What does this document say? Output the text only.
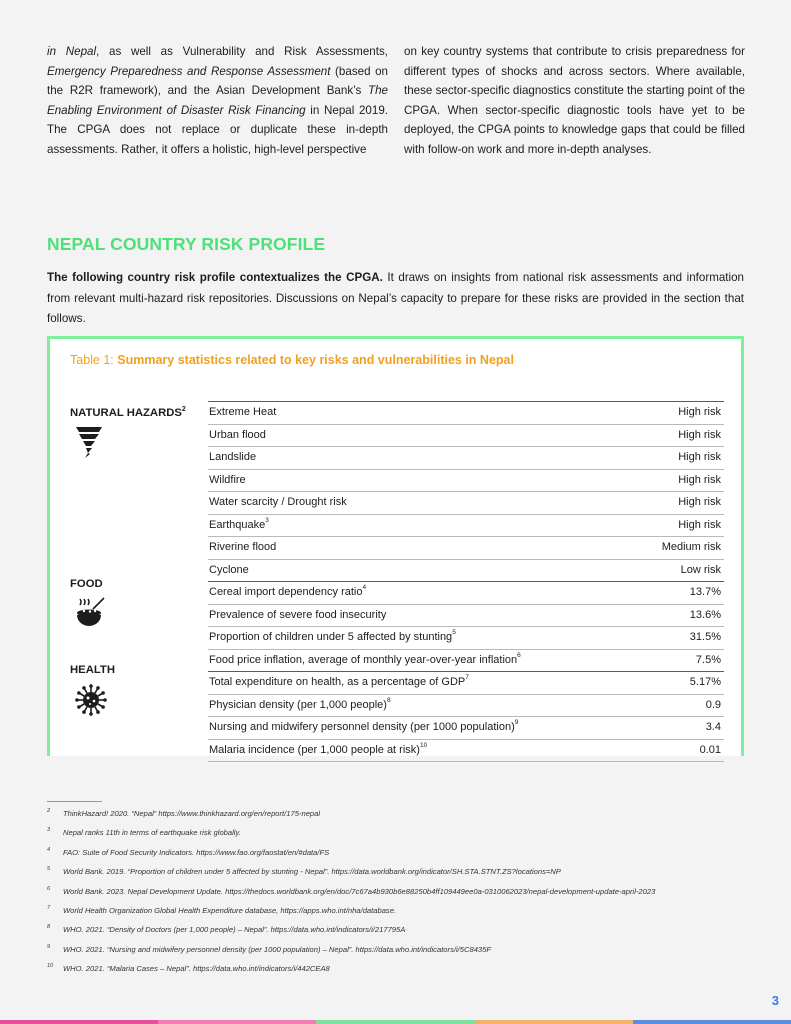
in Nepal, as well as Vulnerability and Risk Assessments, Emergency Preparedness and Response Assessment (based on the R2R framework), and the Asian Development Bank’s The Enabling Environment of Disaster Risk Financing in Nepal 2019. The CPGA does not replace or duplicate these in-depth assessments. Rather, it offers a holistic, high-level perspective
on key country systems that contribute to crisis preparedness for different types of shocks and across sectors. Where available, these sector-specific diagnostics constitute the starting point of the CPGA. When sector-specific diagnostic tools have yet to be deployed, the CPGA points to knowledge gaps that could be filled with follow-on work and more in-depth analyses.
NEPAL COUNTRY RISK PROFILE
The following country risk profile contextualizes the CPGA. It draws on insights from national risk assessments and information from relevant multi-hazard risk repositories. Discussions on Nepal’s capacity to prepare for these risks are provided in the section that follows.
Table 1: Summary statistics related to key risks and vulnerabilities in Nepal
Extreme Heat	High risk
Urban flood	High risk
Landslide	High risk
Wildfire	High risk
Water scarcity / Drought risk	High risk
Earthquake$^3$	High risk
Riverine flood	Medium risk
Cyclone	Low risk
Cereal import dependency ratio$^4$	13.7%
Prevalence of severe food insecurity	13.6%
Proportion of children under 5 affected by stunting$^5$	31.5%
Food price inflation, average of monthly year-over-year inflation$^6$	7.5%
Total expenditure on health, as a percentage of GDP$^7$	5.17%
Physician density (per 1,000 people)$^8$	0.9
Nursing and midwifery personnel density (per 1000 population)$^9$	3.4
Malaria incidence (per 1,000 people at risk)$^{10}$	0.01
NATURAL HAZARDS$^2$
FOOD
HEALTH
2 ThinkHazard! 2020. “Nepal” https://www.thinkhazard.org/en/report/175-nepal
3 Nepal ranks 11th in terms of earthquake risk globally.
4 FAO: Suite of Food Security Indicators. https://www.fao.org/faostat/en/#data/FS
5 World Bank. 2019. “Proportion of children under 5 affected by stunting - Nepal”. https://data.worldbank.org/indicator/SH.STA.STNT.ZS?locations=NP
6 World Bank. 2023. Nepal Development Update. https://thedocs.worldbank.org/en/doc/7c67a4b930b6e88250b4ff109449ee0a-0310062023/nepal-development-update-april-2023
7 World Health Organization Global Health Expenditure database, https://apps.who.int/nha/database.
8 WHO. 2021. “Density of Doctors (per 1,000 people) – Nepal”. https://data.who.int/indicators/i/217795A
9 WHO. 2021. “Nursing and midwifery personnel density (per 1000 population) – Nepal”. https://data.who.int/indicators/i/5C8435F
10 WHO. 2021. “Malaria Cases – Nepal”. https://data.who.int/indicators/i/442CEA8
3
